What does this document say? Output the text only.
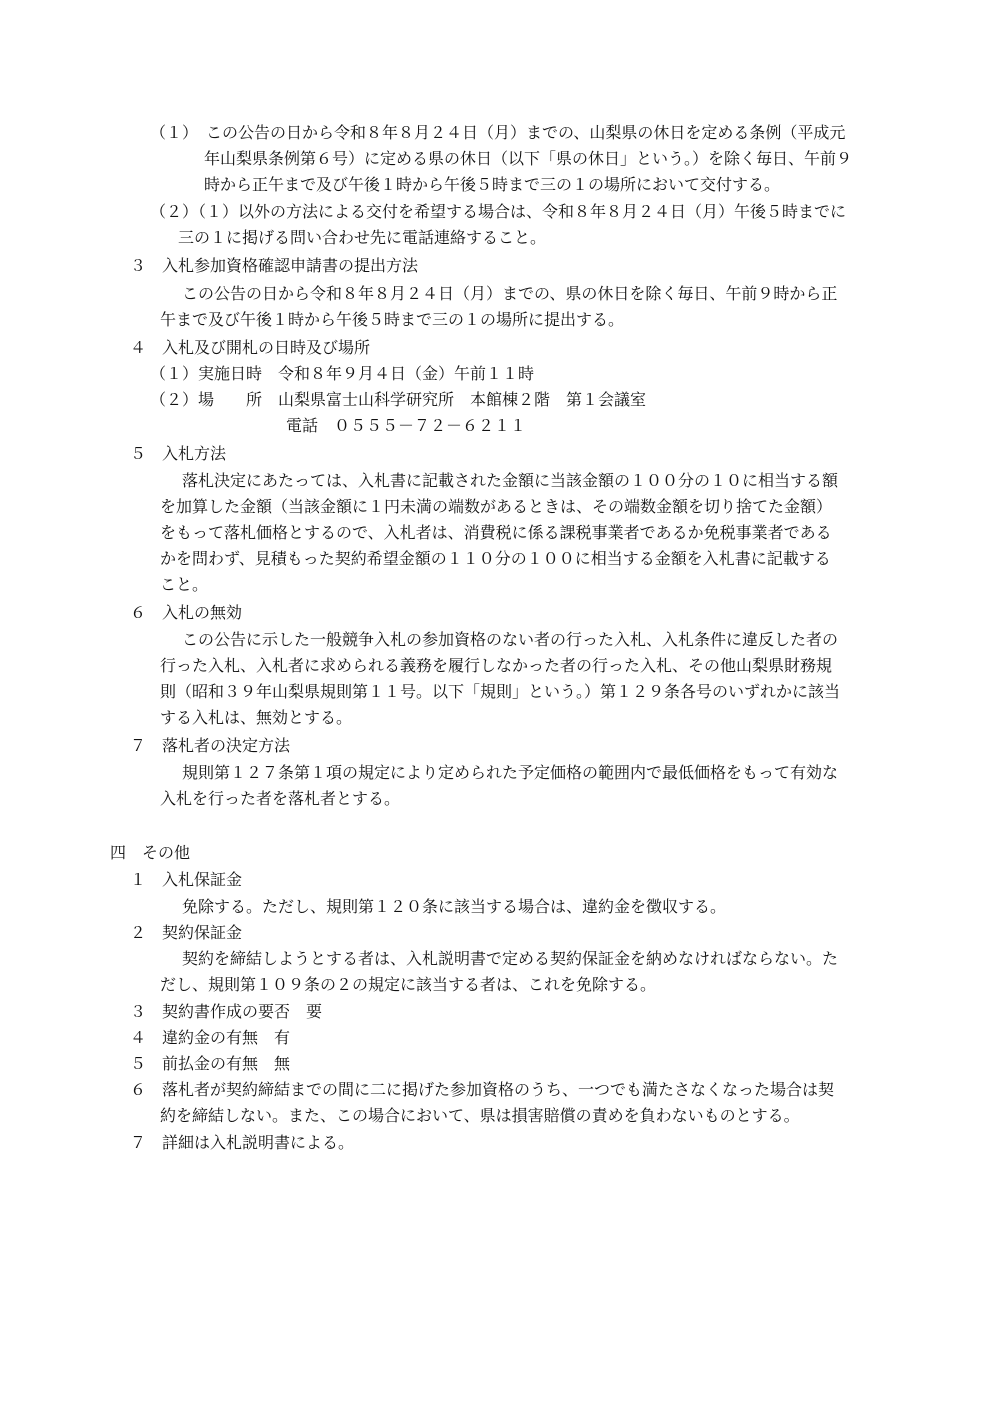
（１）　この公告の日から令和８年８月２４日（月）までの、山梨県の休日を定める条例（平成元

年山梨県条例第６号）に定める県の休日（以下「県の休日」という。）を除く毎日、午前９

時から正午まで及び午後１時から午後５時まで三の１の場所において交付する。

（２）（１）以外の方法による交付を希望する場合は、令和８年８月２４日（月）午後５時までに

三の１に掲げる問い合わせ先に電話連絡すること。

３　入札参加資格確認申請書の提出方法

この公告の日から令和８年８月２４日（月）までの、県の休日を除く毎日、午前９時から正

午まで及び午後１時から午後５時まで三の１の場所に提出する。

４　入札及び開札の日時及び場所

（１）実施日時　令和８年９月４日（金）午前１１時

（２）場　　所　山梨県富士山科学研究所　本館棟２階　第１会議室

電話　０５５５－７２－６２１１

５　入札方法

落札決定にあたっては、入札書に記載された金額に当該金額の１００分の１０に相当する額

を加算した金額（当該金額に１円未満の端数があるときは、その端数金額を切り捨てた金額）

をもって落札価格とするので、入札者は、消費税に係る課税事業者であるか免税事業者である

かを問わず、見積もった契約希望金額の１１０分の１００に相当する金額を入札書に記載する

こと。

６　入札の無効

この公告に示した一般競争入札の参加資格のない者の行った入札、入札条件に違反した者の

行った入札、入札者に求められる義務を履行しなかった者の行った入札、その他山梨県財務規

則（昭和３９年山梨県規則第１１号。以下「規則」という。）第１２９条各号のいずれかに該当

する入札は、無効とする。

７　落札者の決定方法

規則第１２７条第１項の規定により定められた予定価格の範囲内で最低価格をもって有効な

入札を行った者を落札者とする。

四　その他

１　入札保証金

免除する。ただし、規則第１２０条に該当する場合は、違約金を徴収する。

２　契約保証金

契約を締結しようとする者は、入札説明書で定める契約保証金を納めなければならない。た

だし、規則第１０９条の２の規定に該当する者は、これを免除する。

３　契約書作成の要否　要

４　違約金の有無　有

５　前払金の有無　無

６　落札者が契約締結までの間に二に掲げた参加資格のうち、一つでも満たさなくなった場合は契

約を締結しない。また、この場合において、県は損害賠償の責めを負わないものとする。

７　詳細は入札説明書による。
